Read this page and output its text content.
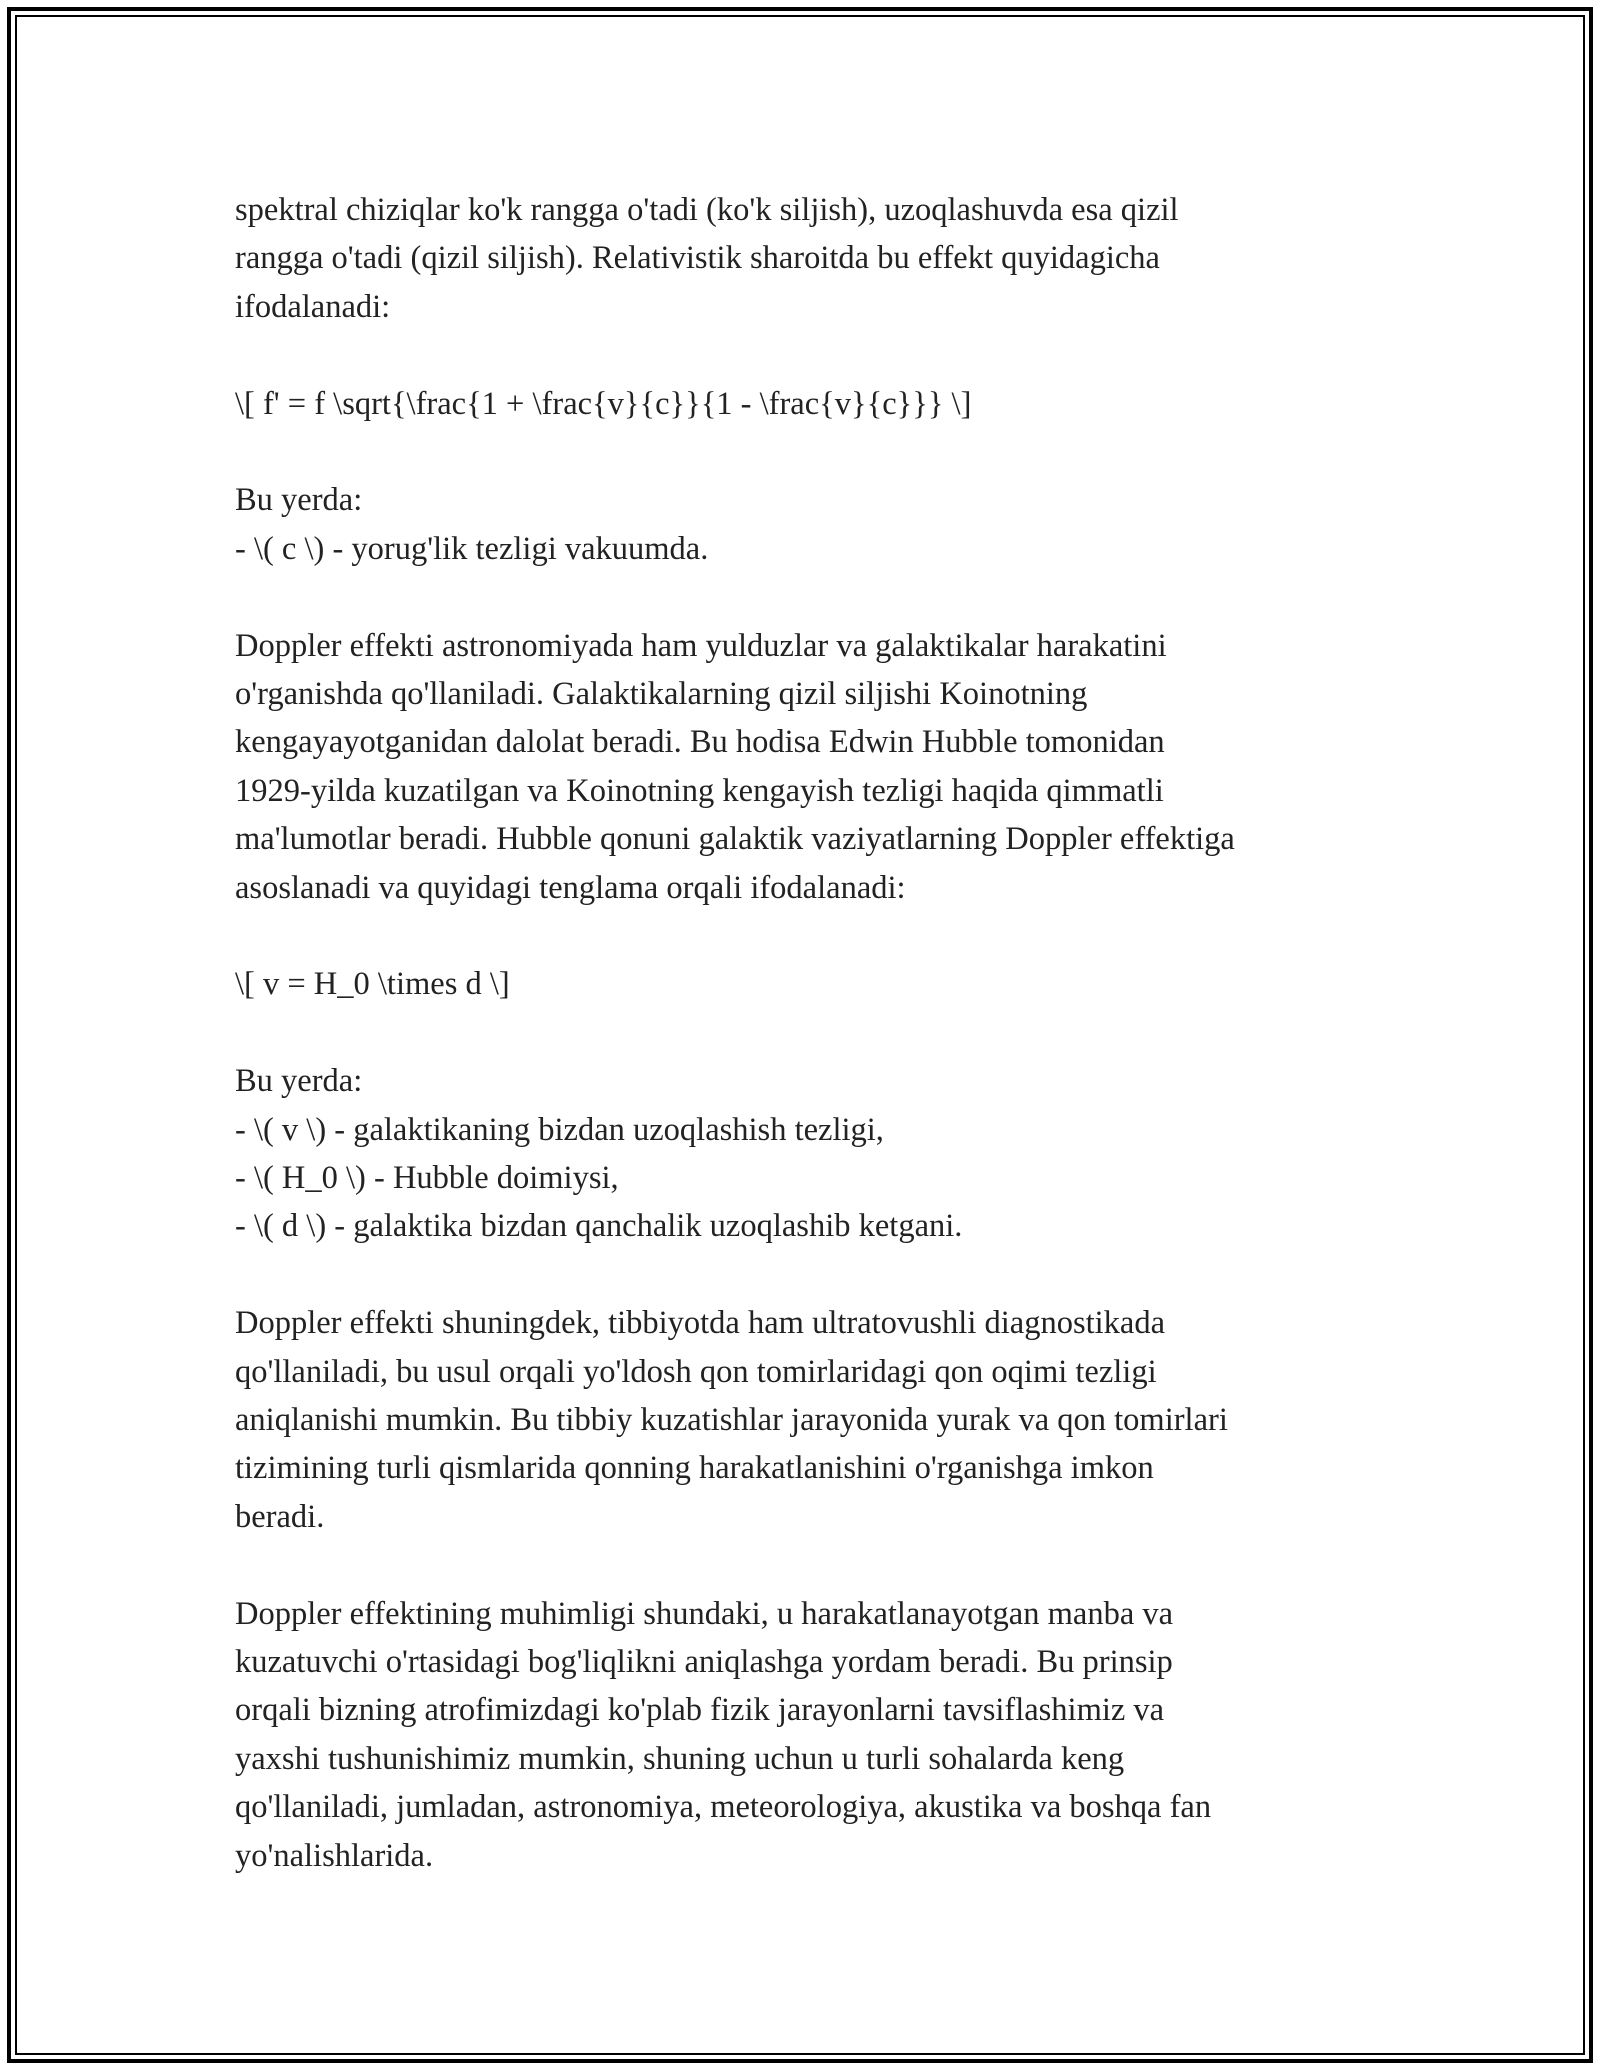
spektral chiziqlar ko'k rangga o'tadi (ko'k siljish), uzoqlashuvda esa qizil
rangga o'tadi (qizil siljish). Relativistik sharoitda bu effekt quyidagicha
ifodalanadi:
\[ f' = f \sqrt{\frac{1 + \frac{v}{c}}{1 - \frac{v}{c}}} \]
Bu yerda:
- \( c \) - yorug'lik tezligi vakuumda.
Doppler effekti astronomiyada ham yulduzlar va galaktikalar harakatini
o'rganishda qo'llaniladi. Galaktikalarning qizil siljishi Koinotning
kengayayotganidan dalolat beradi. Bu hodisa Edwin Hubble tomonidan
1929-yilda kuzatilgan va Koinotning kengayish tezligi haqida qimmatli
ma'lumotlar beradi. Hubble qonuni galaktik vaziyatlarning Doppler effektiga
asoslanadi va quyidagi tenglama orqali ifodalanadi:
\[ v = H_0 \times d \]
Bu yerda:
- \( v \) - galaktikaning bizdan uzoqlashish tezligi,
- \( H_0 \) - Hubble doimiysi,
- \( d \) - galaktika bizdan qanchalik uzoqlashib ketgani.
Doppler effekti shuningdek, tibbiyotda ham ultratovushli diagnostikada
qo'llaniladi, bu usul orqali yo'ldosh qon tomirlaridagi qon oqimi tezligi
aniqlanishi mumkin. Bu tibbiy kuzatishlar jarayonida yurak va qon tomirlari
tizimining turli qismlarida qonning harakatlanishini o'rganishga imkon
beradi.
Doppler effektining muhimligi shundaki, u harakatlanayotgan manba va
kuzatuvchi o'rtasidagi bog'liqlikni aniqlashga yordam beradi. Bu prinsip
orqali bizning atrofimizdagi ko'plab fizik jarayonlarni tavsiflashimiz va
yaxshi tushunishimiz mumkin, shuning uchun u turli sohalarda keng
qo'llaniladi, jumladan, astronomiya, meteorologiya, akustika va boshqa fan
yo'nalishlarida.
